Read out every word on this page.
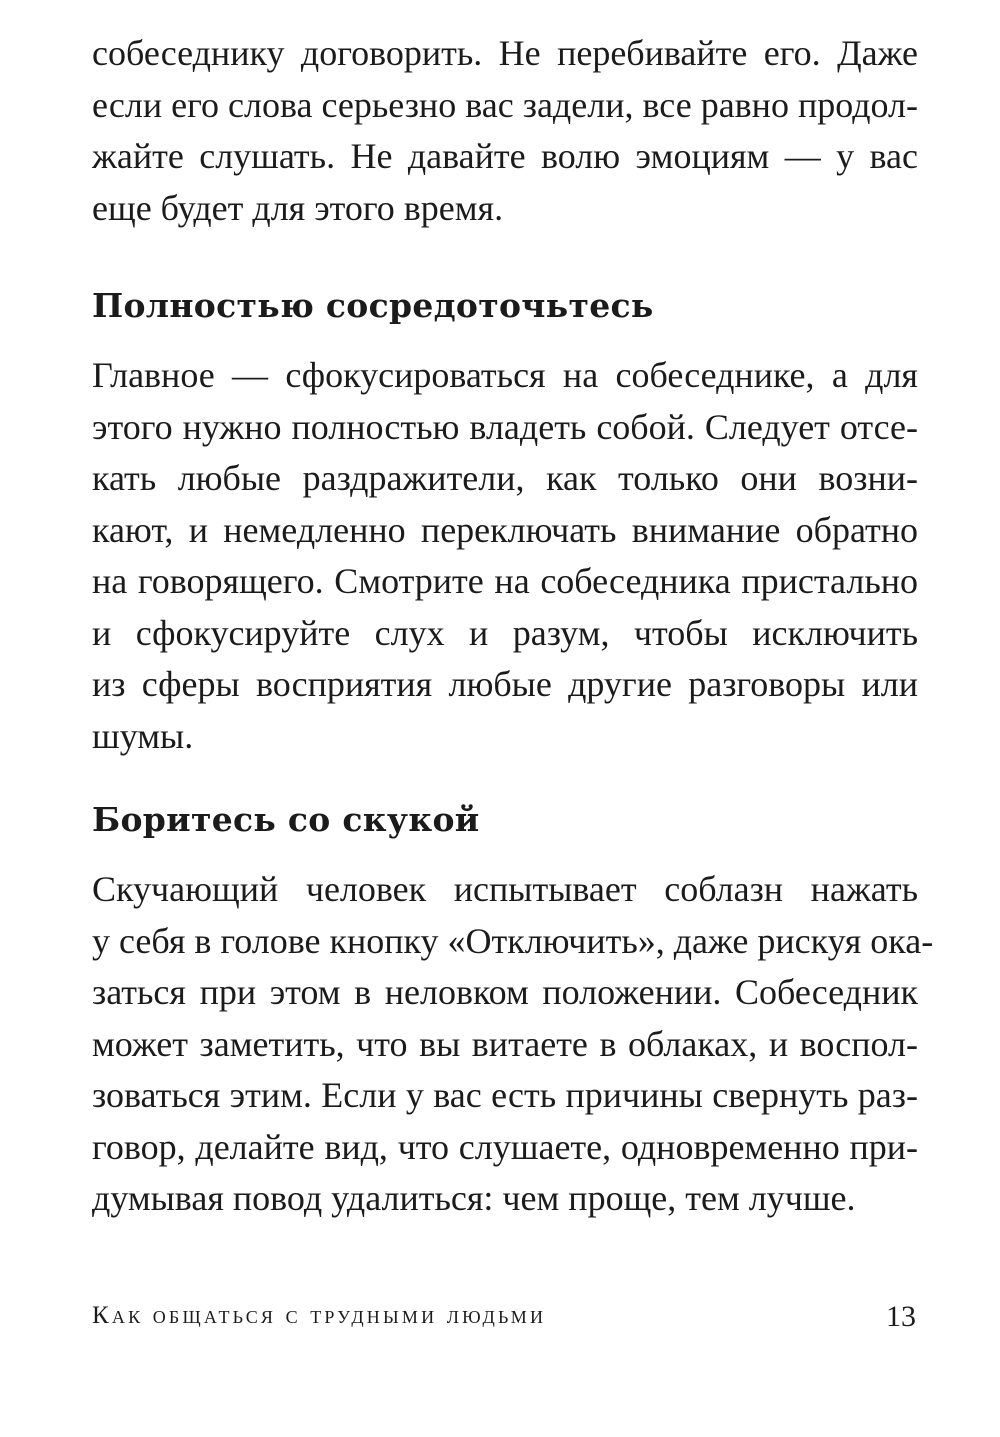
собеседнику договорить. Не перебивайте его. Даже
если его слова серьезно вас задели, все равно продол-
жайте слушать. Не давайте волю эмоциям — у вас
еще будет для этого время.

Полностью сосредоточьтесь

Главное — сфокусироваться на собеседнике, а для
этого нужно полностью владеть собой. Следует отсе-
кать любые раздражители, как только они возни-
кают, и немедленно переключать внимание обратно
на говорящего. Смотрите на собеседника пристально
и сфокусируйте слух и разум, чтобы исключить
из сферы восприятия любые другие разговоры или
шумы.

Боритесь со скукой

Скучающий человек испытывает соблазн нажать
у себя в голове кнопку «Отключить», даже рискуя ока-
заться при этом в неловком положении. Собеседник
может заметить, что вы витаете в облаках, и воспол-
зоваться этим. Если у вас есть причины свернуть раз-
говор, делайте вид, что слушаете, одновременно при-
думывая повод удалиться: чем проще, тем лучше.

Как общаться с трудными людьми	13
